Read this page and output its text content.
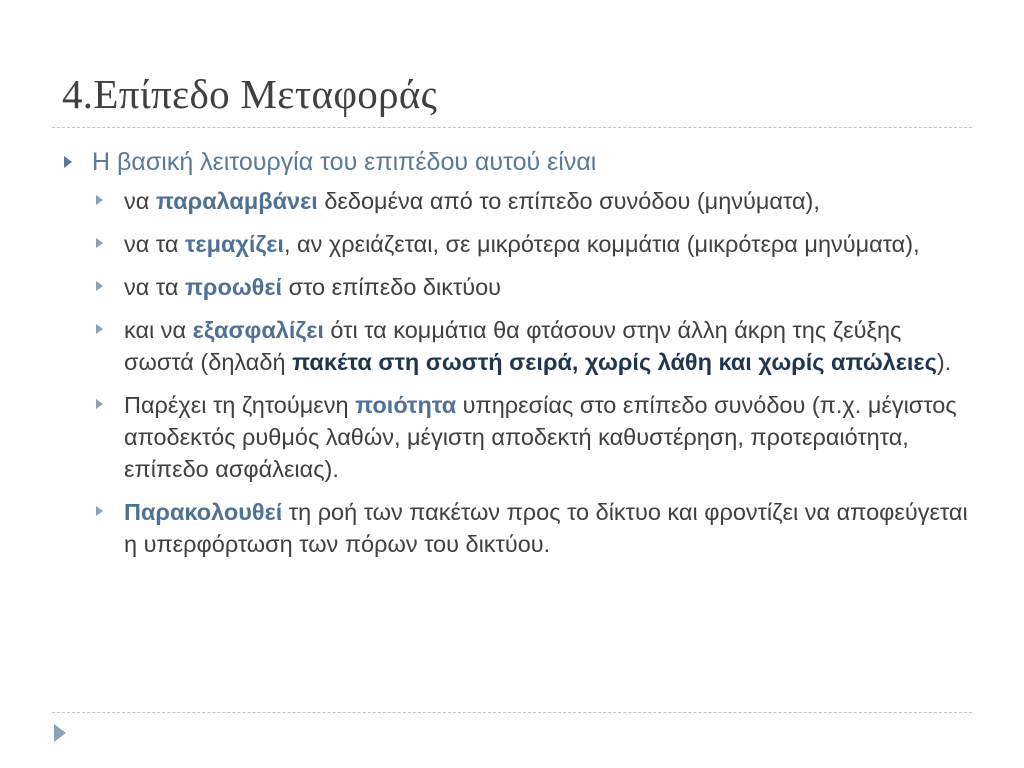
4.Επίπεδο Μεταφοράς
Η βασική λειτουργία του επιπέδου αυτού είναι
να παραλαμβάνει δεδομένα από το επίπεδο συνόδου (μηνύματα),
να τα τεμαχίζει, αν χρειάζεται, σε μικρότερα κομμάτια (μικρότερα μηνύματα),
να τα προωθεί στο επίπεδο δικτύου
και να εξασφαλίζει ότι τα κομμάτια θα φτάσουν στην άλλη άκρη της ζεύξης σωστά (δηλαδή πακέτα στη σωστή σειρά, χωρίς λάθη και χωρίς απώλειες).
Παρέχει τη ζητούμενη ποιότητα υπηρεσίας στο επίπεδο συνόδου (π.χ. μέγιστος αποδεκτός ρυθμός λαθών, μέγιστη αποδεκτή καθυστέρηση, προτεραιότητα, επίπεδο ασφάλειας).
Παρακολουθεί τη ροή των πακέτων προς το δίκτυο και φροντίζει να αποφεύγεται η υπερφόρτωση των πόρων του δικτύου.
